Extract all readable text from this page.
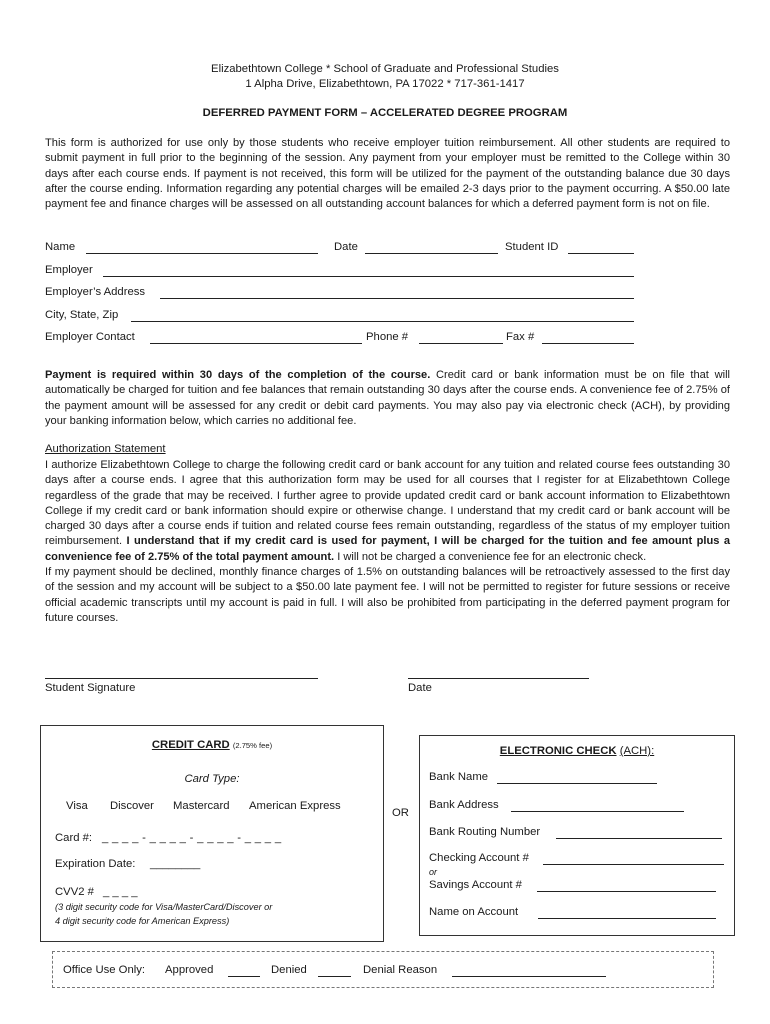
Elizabethtown College * School of Graduate and Professional Studies
1 Alpha Drive, Elizabethtown, PA 17022 * 717-361-1417
DEFERRED PAYMENT FORM – ACCELERATED DEGREE PROGRAM
This form is authorized for use only by those students who receive employer tuition reimbursement. All other students are required to submit payment in full prior to the beginning of the session. Any payment from your employer must be remitted to the College within 30 days after each course ends. If payment is not received, this form will be utilized for the payment of the outstanding balance due 30 days after the course ending. Information regarding any potential charges will be emailed 2-3 days prior to the payment occurring. A $50.00 late payment fee and finance charges will be assessed on all outstanding account balances for which a deferred payment form is not on file.
Name	Date	Student ID
Employer
Employer’s Address
City, State, Zip
Employer Contact	Phone #	Fax #
Payment is required within 30 days of the completion of the course. Credit card or bank information must be on file that will automatically be charged for tuition and fee balances that remain outstanding 30 days after the course ends. A convenience fee of 2.75% of the payment amount will be assessed for any credit or debit card payments. You may also pay via electronic check (ACH), by providing your banking information below, which carries no additional fee.
Authorization Statement
I authorize Elizabethtown College to charge the following credit card or bank account for any tuition and related course fees outstanding 30 days after a course ends. I agree that this authorization form may be used for all courses that I register for at Elizabethtown College regardless of the grade that may be received. I further agree to provide updated credit card or bank account information to Elizabethtown College if my credit card or bank information should expire or otherwise change. I understand that my credit card or bank account will be charged 30 days after a course ends if tuition and related course fees remain outstanding, regardless of the status of my employer tuition reimbursement. I understand that if my credit card is used for payment, I will be charged for the tuition and fee amount plus a convenience fee of 2.75% of the total payment amount. I will not be charged a convenience fee for an electronic check.
If my payment should be declined, monthly finance charges of 1.5% on outstanding balances will be retroactively assessed to the first day of the session and my account will be subject to a $50.00 late payment fee. I will not be permitted to register for future sessions or receive official academic transcripts until my account is paid in full. I will also be prohibited from participating in the deferred payment program for future courses.
Student Signature	Date
CREDIT CARD (2.75% fee)
Card Type:
Visa Discover Mastercard American Express
Card #: _ _ _ _ - _ _ _ _ - _ _ _ _ - _ _ _ _
Expiration Date: ________
CVV2 # _ _ _ _
(3 digit security code for Visa/MasterCard/Discover or
4 digit security code for American Express)
OR
ELECTRONIC CHECK (ACH):
Bank Name
Bank Address
Bank Routing Number
Checking Account #
or
Savings Account #
Name on Account
Office Use Only: Approved	Denied	Denial Reason
